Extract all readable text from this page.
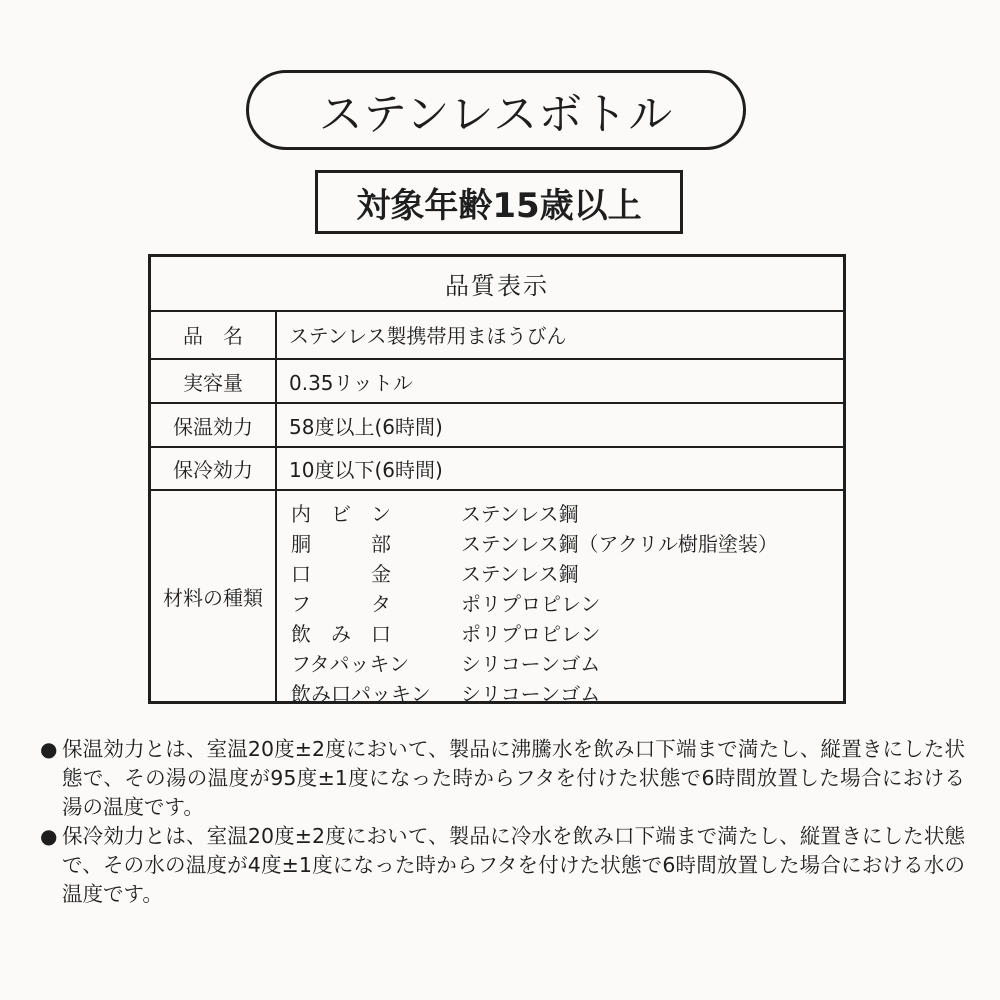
ステンレスボトル
対象年齢15歳以上
品質表示
品　名	ステンレス製携帯用まほうびん
実容量	0.35リットル
保温効力	58度以上(6時間)
保冷効力	10度以下(6時間)
材料の種類
内　ビ　ン	ステンレス鋼
胴　　　部	ステンレス鋼（アクリル樹脂塗装）
口　　　金	ステンレス鋼
フ　　　タ	ポリプロピレン
飲　み　口	ポリプロピレン
フタパッキン	シリコーンゴム
飲み口パッキン	シリコーンゴム
● 保温効力とは、室温20度±2度において、製品に沸騰水を飲み口下端まで満たし、縦置きにした状態で、その湯の温度が95度±1度になった時からフタを付けた状態で6時間放置した場合における湯の温度です。
● 保冷効力とは、室温20度±2度において、製品に冷水を飲み口下端まで満たし、縦置きにした状態で、その水の温度が4度±1度になった時からフタを付けた状態で6時間放置した場合における水の温度です。
